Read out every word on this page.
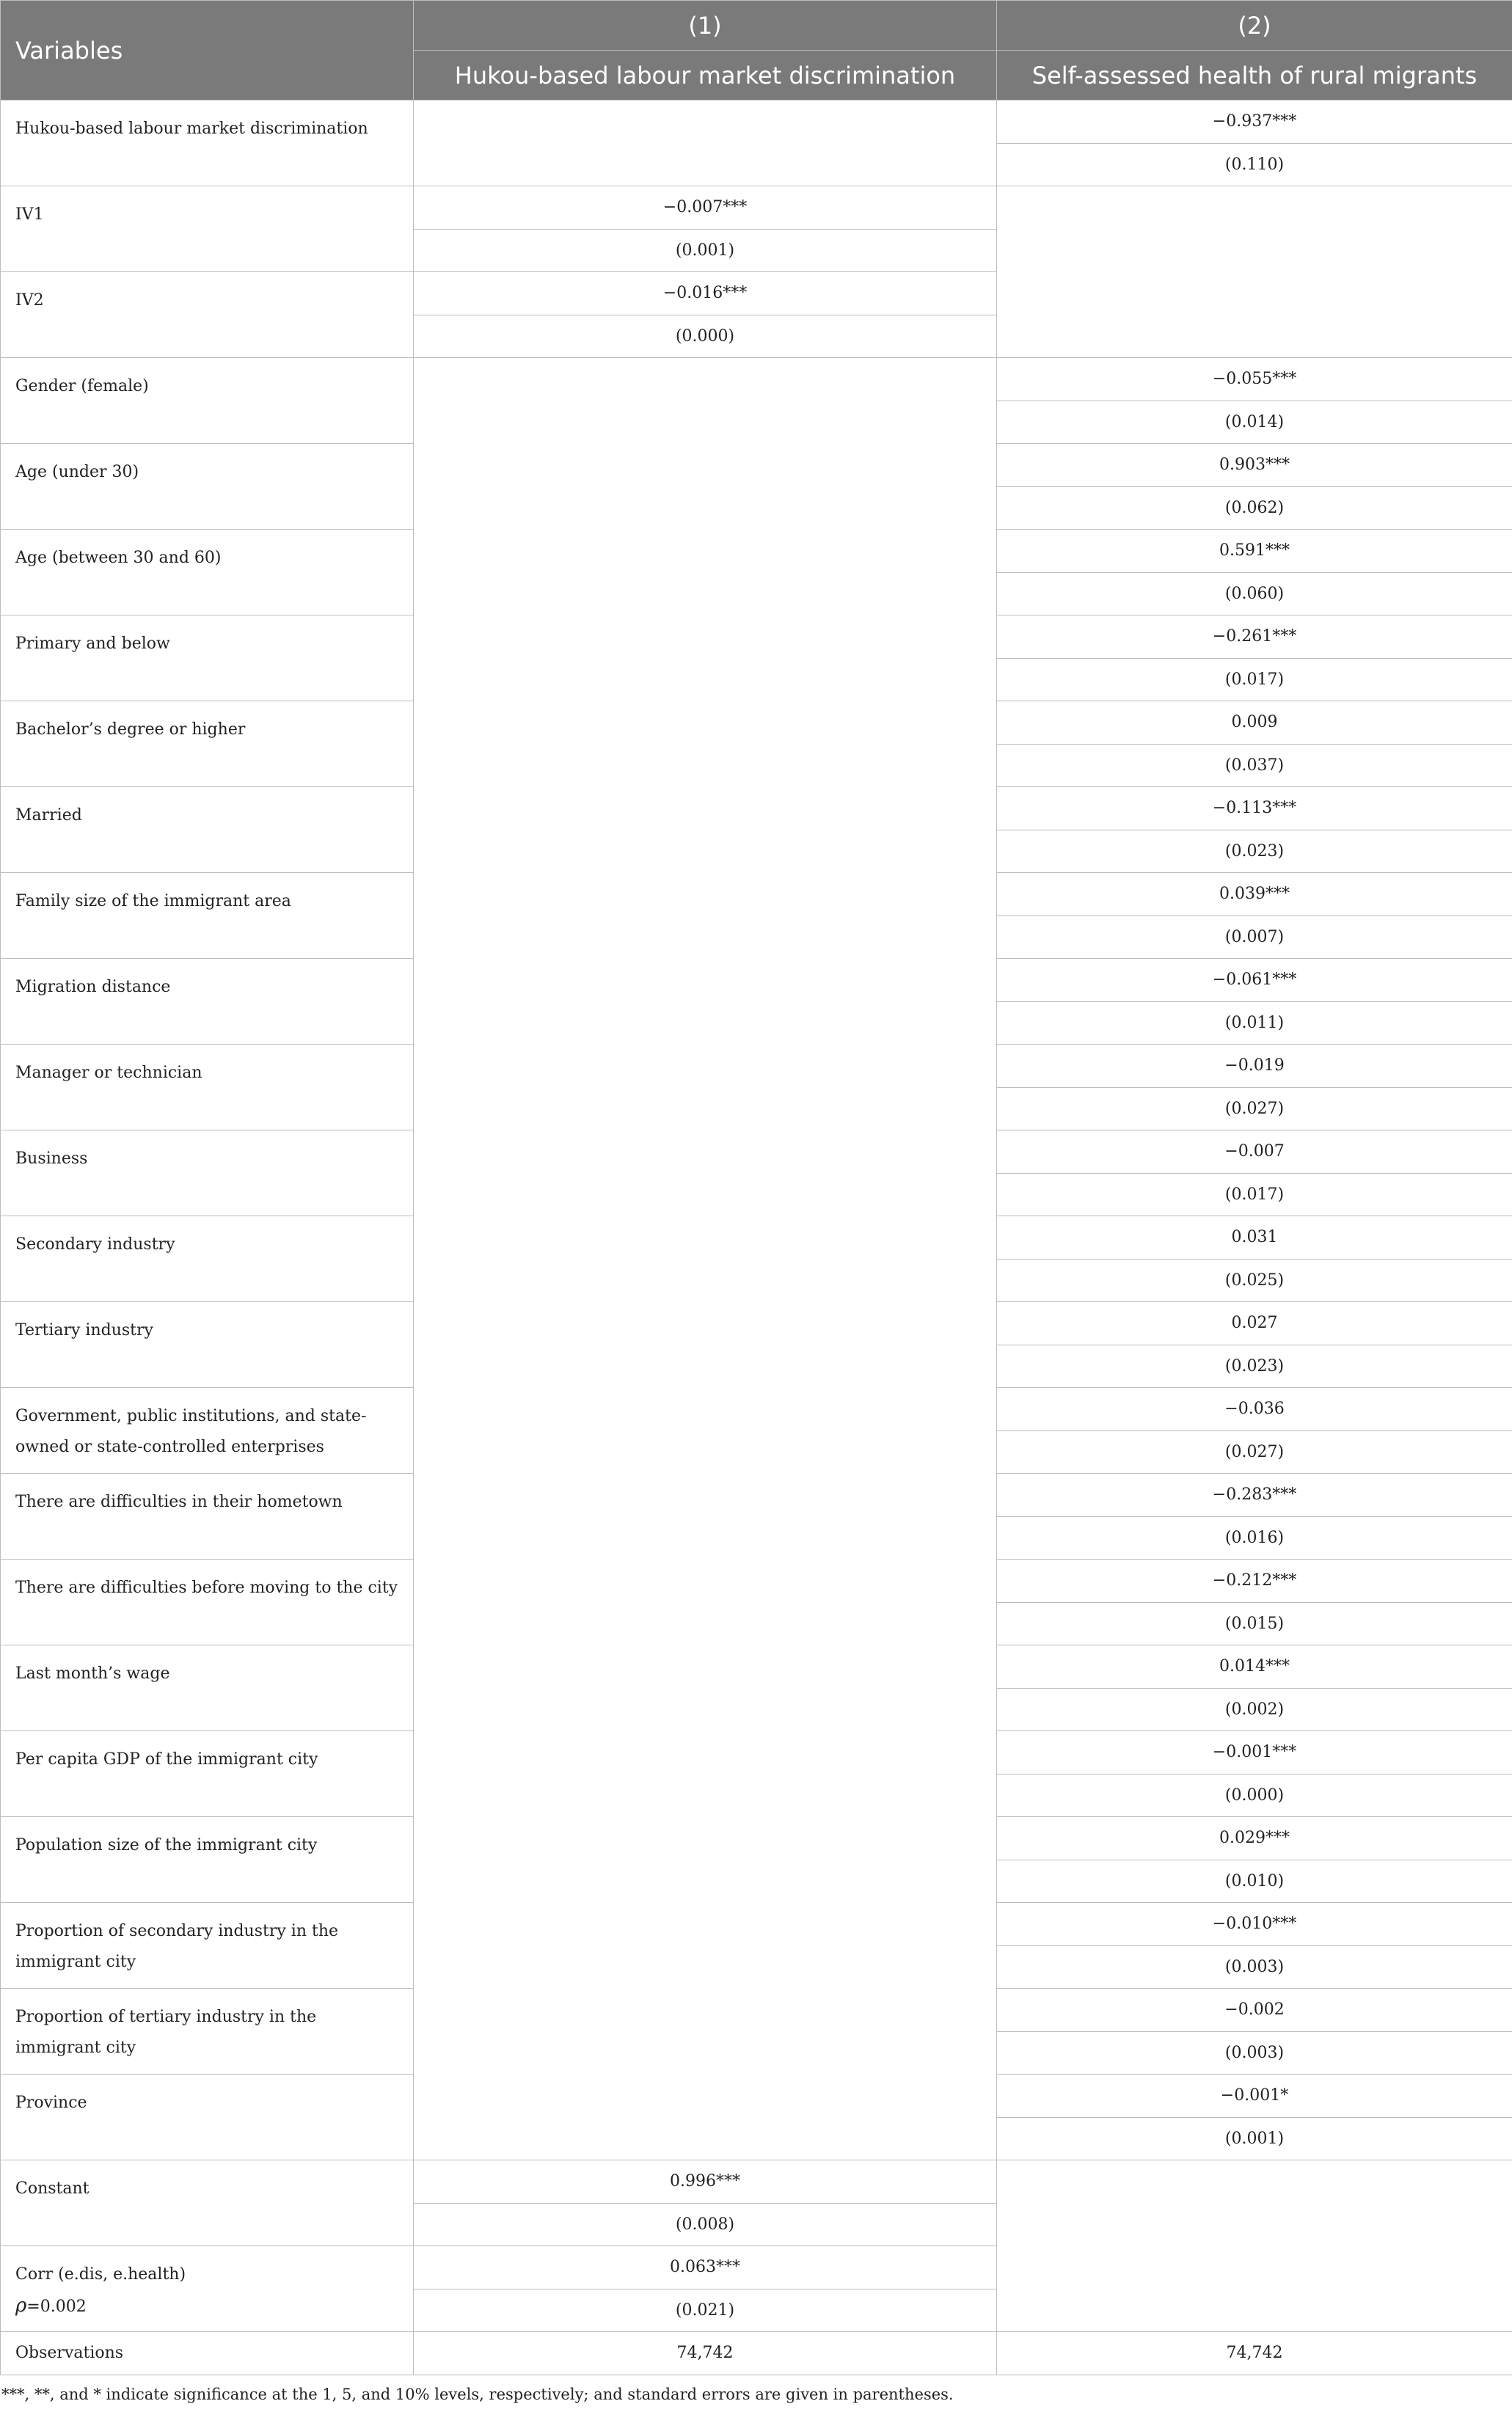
Variables	(1)	(2)
	Hukou-based labour market discrimination	Self-assessed health of rural migrants
Hukou-based labour market discrimination		−0.937***
		(0.110)
IV1	−0.007***	
	(0.001)	
IV2	−0.016***	
	(0.000)	
Gender (female)		−0.055***
		(0.014)
Age (under 30)		0.903***
		(0.062)
Age (between 30 and 60)		0.591***
		(0.060)
Primary and below		−0.261***
		(0.017)
Bachelor’s degree or higher		0.009
		(0.037)
Married		−0.113***
		(0.023)
Family size of the immigrant area		0.039***
		(0.007)
Migration distance		−0.061***
		(0.011)
Manager or technician		−0.019
		(0.027)
Business		−0.007
		(0.017)
Secondary industry		0.031
		(0.025)
Tertiary industry		0.027
		(0.023)
Government, public institutions, and state-owned or state-controlled enterprises		−0.036
		(0.027)
There are difficulties in their hometown		−0.283***
		(0.016)
There are difficulties before moving to the city		−0.212***
		(0.015)
Last month’s wage		0.014***
		(0.002)
Per capita GDP of the immigrant city		−0.001***
		(0.000)
Population size of the immigrant city		0.029***
		(0.010)
Proportion of secondary industry in the immigrant city		−0.010***
		(0.003)
Proportion of tertiary industry in the immigrant city		−0.002
		(0.003)
Province		−0.001*
		(0.001)
Constant	0.996***	
	(0.008)	
Corr (e.dis, e.health)
ρ=0.002	0.063***	
	(0.021)	
Observations	74,742	74,742
***, **, and * indicate significance at the 1, 5, and 10% levels, respectively; and standard errors are given in parentheses.
